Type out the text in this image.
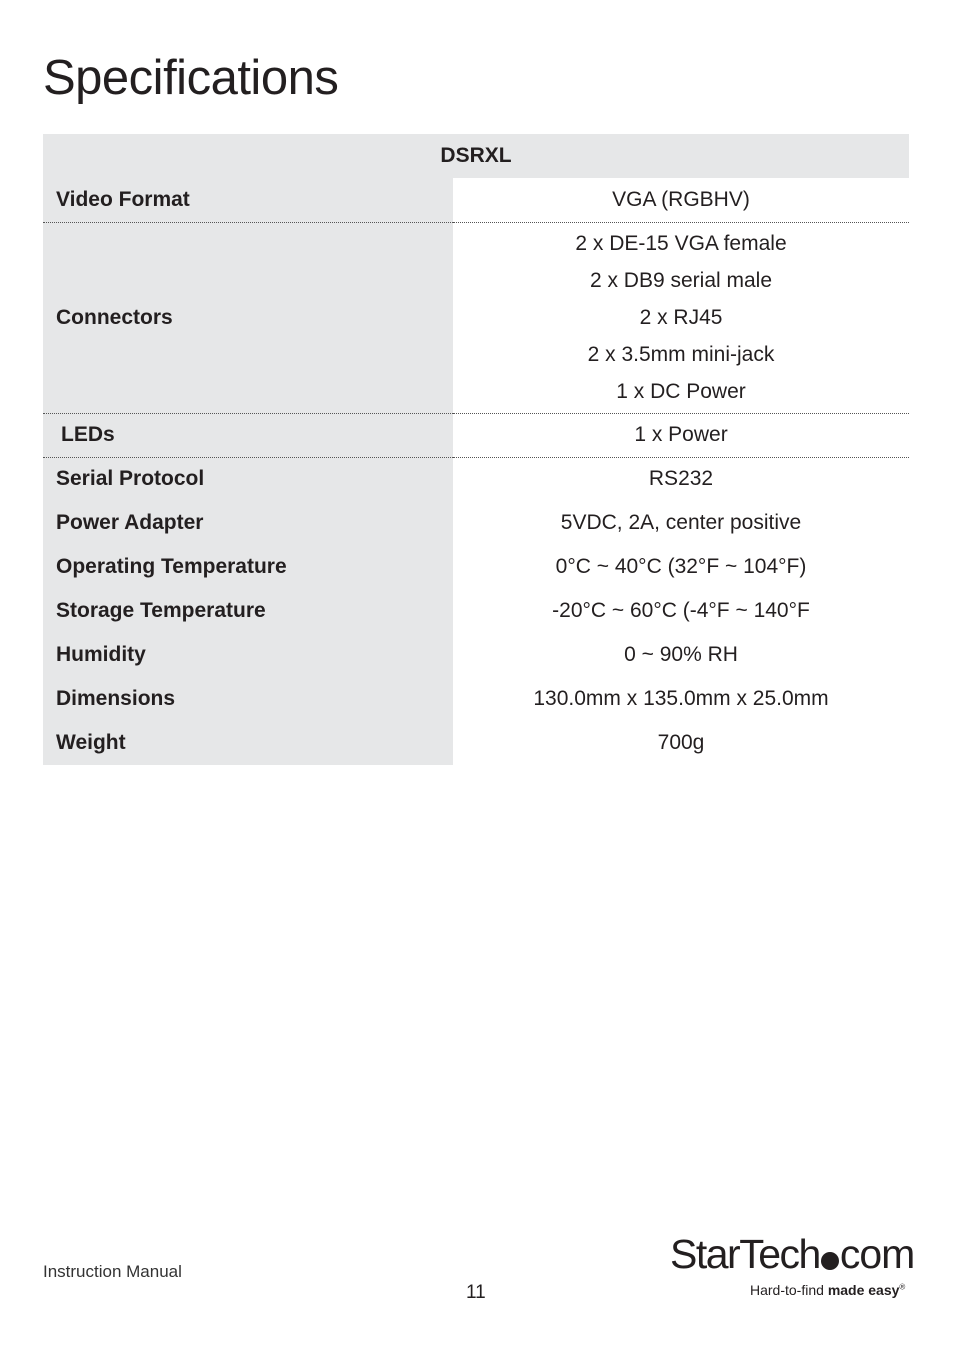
Specifications
DSRXL	
Video Format	VGA (RGBHV)
Connectors	2 x DE-15 VGA female
2 x DB9 serial male
2 x RJ45
2 x 3.5mm mini-jack
1 x DC Power

LEDs	1 x Power
Serial Protocol	RS232
Power Adapter	5VDC, 2A, center positive
Operating Temperature	0°C ~ 40°C (32°F ~ 104°F)
Storage Temperature	-20°C ~ 60°C (-4°F ~ 140°F
Humidity	0 ~ 90% RH
Dimensions	130.0mm x 135.0mm x 25.0mm
Weight	700g
Instruction Manual
11
StarTech com
Hard-to-find made easy®
